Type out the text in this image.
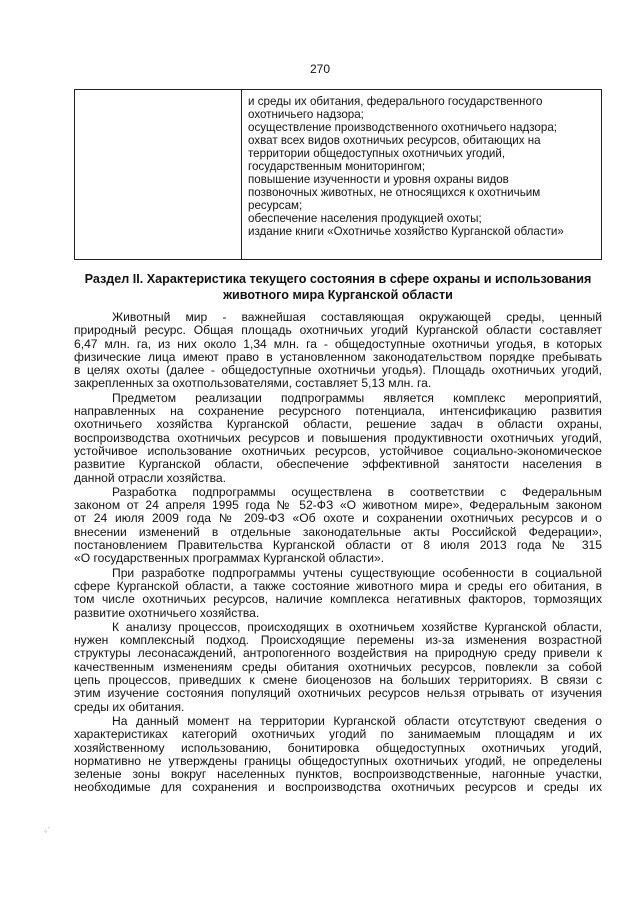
270
и среды их обитания, федерального государственного
охотничьего надзора;
осуществление производственного охотничьего надзора;
охват всех видов охотничьих ресурсов, обитающих на
территории общедоступных охотничьих угодий,
государственным мониторингом;
повышение изученности и уровня охраны видов
позвоночных животных, не относящихся к охотничьим
ресурсам;
обеспечение населения продукцией охоты;
издание книги «Охотничье хозяйство Курганской области»
Раздел II. Характеристика текущего состояния в сфере охраны и использования
животного мира Курганской области
Животный мир - важнейшая составляющая окружающей среды, ценный
природный ресурс. Общая площадь охотничьих угодий Курганской области составляет
6,47 млн. га, из них около 1,34 млн. га - общедоступные охотничьи угодья, в которых
физические лица имеют право в установленном законодательством порядке пребывать
в целях охоты (далее - общедоступные охотничьи угодья). Площадь охотничьих угодий,
закрепленных за охотпользователями, составляет 5,13 млн. га.
Предметом реализации подпрограммы является комплекс мероприятий,
направленных на сохранение ресурсного потенциала, интенсификацию развития
охотничьего хозяйства Курганской области, решение задач в области охраны,
воспроизводства охотничьих ресурсов и повышения продуктивности охотничьих угодий,
устойчивое использование охотничьих ресурсов, устойчивое социально-экономическое
развитие Курганской области, обеспечение эффективной занятости населения в
данной отрасли хозяйства.
Разработка подпрограммы осуществлена в соответствии с Федеральным
законом от 24 апреля 1995 года № 52-ФЗ «О животном мире», Федеральным законом
от 24 июля 2009 года № 209-ФЗ «Об охоте и сохранении охотничьих ресурсов и о
внесении изменений в отдельные законодательные акты Российской Федерации»,
постановлением Правительства Курганской области от 8 июля 2013 года № 315
«О государственных программах Курганской области».
При разработке подпрограммы учтены существующие особенности в социальной
сфере Курганской области, а также состояние животного мира и среды его обитания, в
том числе охотничьих ресурсов, наличие комплекса негативных факторов, тормозящих
развитие охотничьего хозяйства.
К анализу процессов, происходящих в охотничьем хозяйстве Курганской области,
нужен комплексный подход. Происходящие перемены из-за изменения возрастной
структуры лесонасаждений, антропогенного воздействия на природную среду привели к
качественным изменениям среды обитания охотничьих ресурсов, повлекли за собой
цепь процессов, приведших к смене биоценозов на больших территориях. В связи с
этим изучение состояния популяций охотничьих ресурсов нельзя отрывать от изучения
среды их обитания.
На данный момент на территории Курганской области отсутствуют сведения о
характеристиках категорий охотничьих угодий по занимаемым площадям и их
хозяйственному использованию, бонитировка общедоступных охотничьих угодий,
нормативно не утверждены границы общедоступных охотничьих угодий, не определены
зеленые зоны вокруг населенных пунктов, воспроизводственные, нагонные участки,
необходимые для сохранения и воспроизводства охотничьих ресурсов и среды их
◦ˊ
